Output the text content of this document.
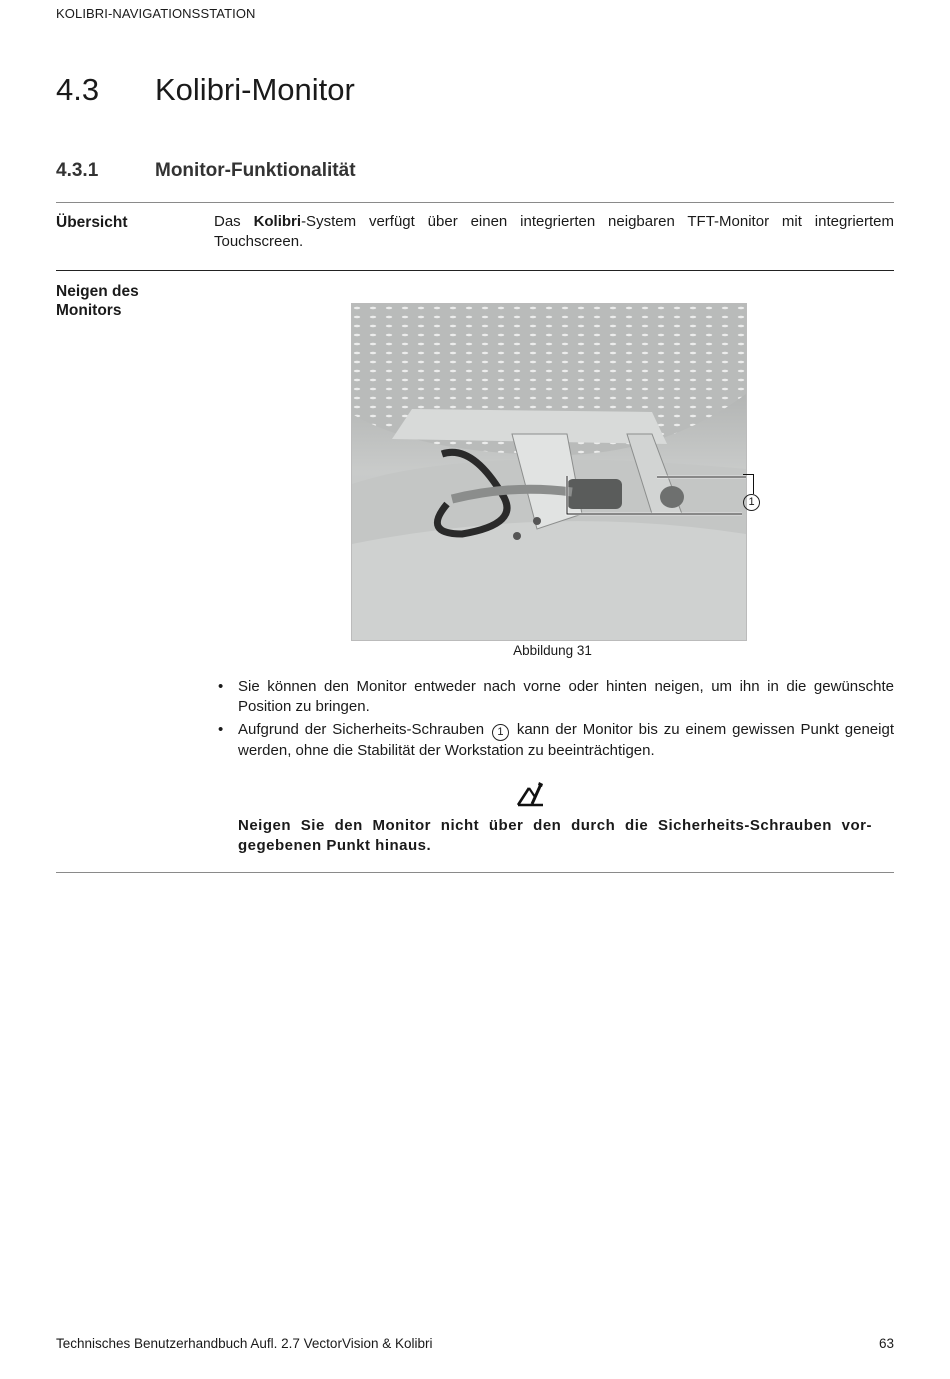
KOLIBRI-NAVIGATIONSSTATION
4.3 Kolibri-Monitor
4.3.1	Monitor-Funktionalität
Übersicht	Das Kolibri-System verfügt über einen integrierten neigbaren TFT-Monitor mit integriertem Touchscreen.
Neigen des
Monitors
1
Abbildung 31
• Sie können den Monitor entweder nach vorne oder hinten neigen, um ihn in die gewünschte Position zu bringen.
• Aufgrund der Sicherheits-Schrauben 1 kann der Monitor bis zu einem gewissen Punkt geneigt werden, ohne die Stabilität der Workstation zu beeinträchtigen.
Neigen Sie den Monitor nicht über den durch die Sicherheits-Schrauben vor-gegebenen Punkt hinaus.
Technisches Benutzerhandbuch Aufl. 2.7 VectorVision & Kolibri	63
